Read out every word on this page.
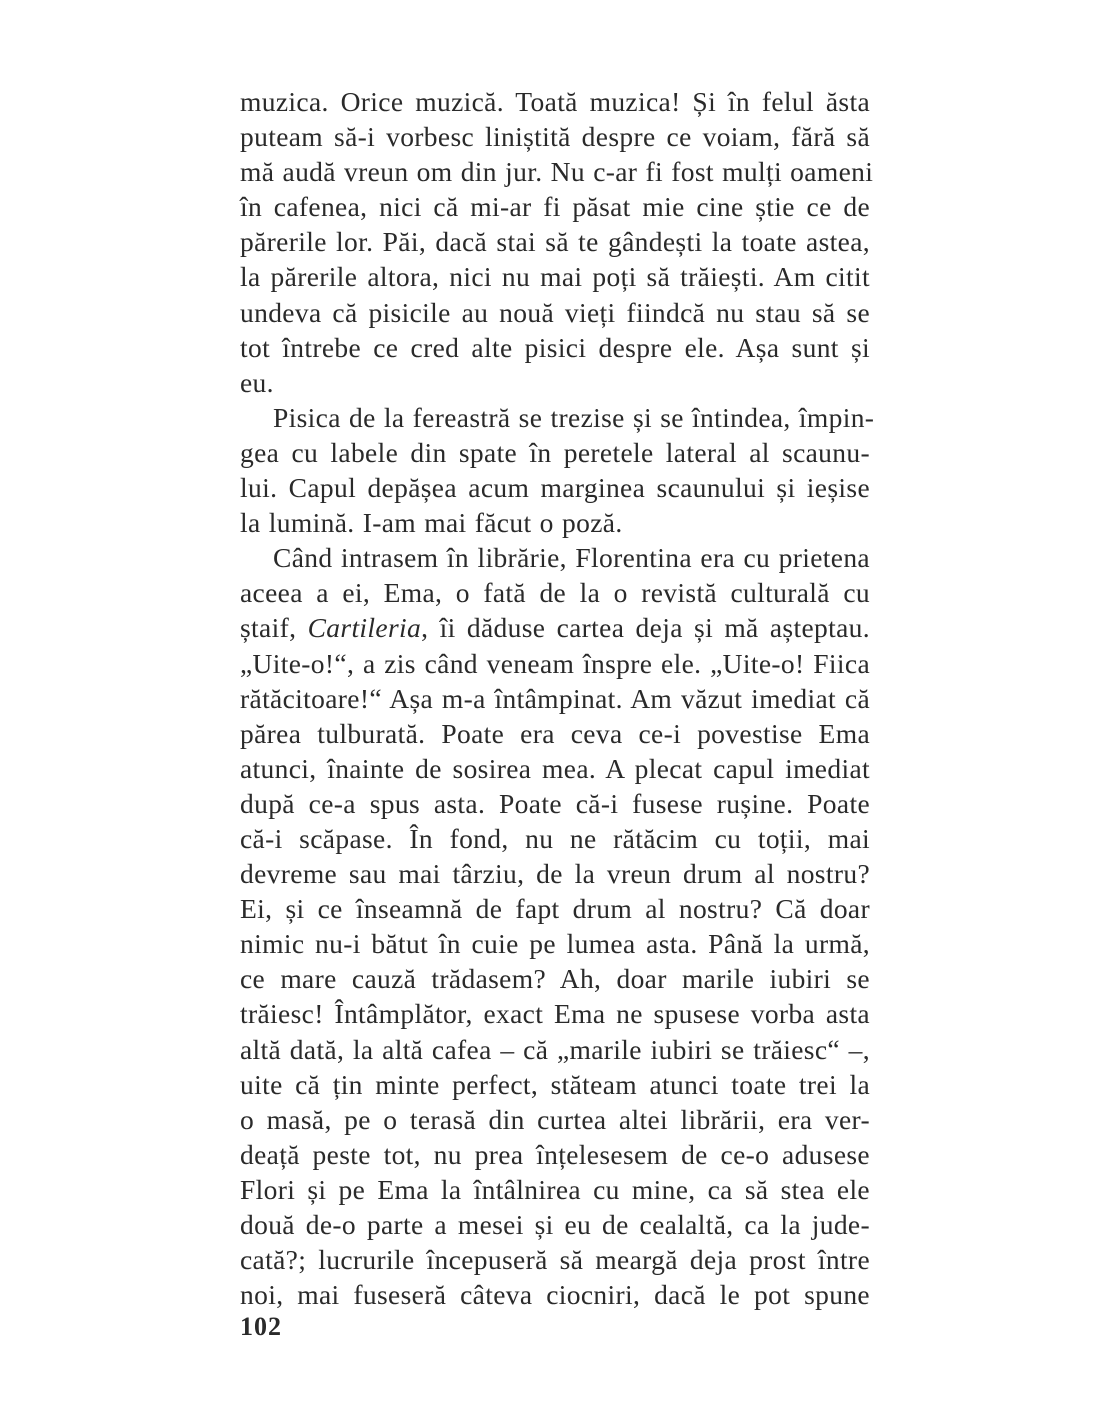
muzica. Orice muzică. Toată muzica! Și în felul ăsta
puteam să-i vorbesc liniștită despre ce voiam, fără să
mă audă vreun om din jur. Nu c-ar fi fost mulți oameni
în cafenea, nici că mi-ar fi păsat mie cine știe ce de
părerile lor. Păi, dacă stai să te gândești la toate astea,
la părerile altora, nici nu mai poți să trăiești. Am citit
undeva că pisicile au nouă vieți fiindcă nu stau să se
tot întrebe ce cred alte pisici despre ele. Așa sunt și
eu.
Pisica de la fereastră se trezise și se întindea, împin-
gea cu labele din spate în peretele lateral al scaunu-
lui. Capul depășea acum marginea scaunului și ieșise
la lumină. I-am mai făcut o poză.
Când intrasem în librărie, Florentina era cu prietena
aceea a ei, Ema, o fată de la o revistă culturală cu
ștaif, Cartileria, îi dăduse cartea deja și mă așteptau.
„Uite-o!“, a zis când veneam înspre ele. „Uite-o! Fiica
rătăcitoare!“ Așa m-a întâmpinat. Am văzut imediat că
părea tulburată. Poate era ceva ce-i povestise Ema
atunci, înainte de sosirea mea. A plecat capul imediat
după ce-a spus asta. Poate că-i fusese rușine. Poate
că-i scăpase. În fond, nu ne rătăcim cu toții, mai
devreme sau mai târziu, de la vreun drum al nostru?
Ei, și ce înseamnă de fapt drum al nostru? Că doar
nimic nu-i bătut în cuie pe lumea asta. Până la urmă,
ce mare cauză trădasem? Ah, doar marile iubiri se
trăiesc! Întâmplător, exact Ema ne spusese vorba asta
altă dată, la altă cafea – că „marile iubiri se trăiesc“ –,
uite că țin minte perfect, stăteam atunci toate trei la
o masă, pe o terasă din curtea altei librării, era ver-
deață peste tot, nu prea înțelesesem de ce-o adusese
Flori și pe Ema la întâlnirea cu mine, ca să stea ele
două de-o parte a mesei și eu de cealaltă, ca la jude-
cată?; lucrurile începuseră să meargă deja prost între
noi, mai fuseseră câteva ciocniri, dacă le pot spune
102
